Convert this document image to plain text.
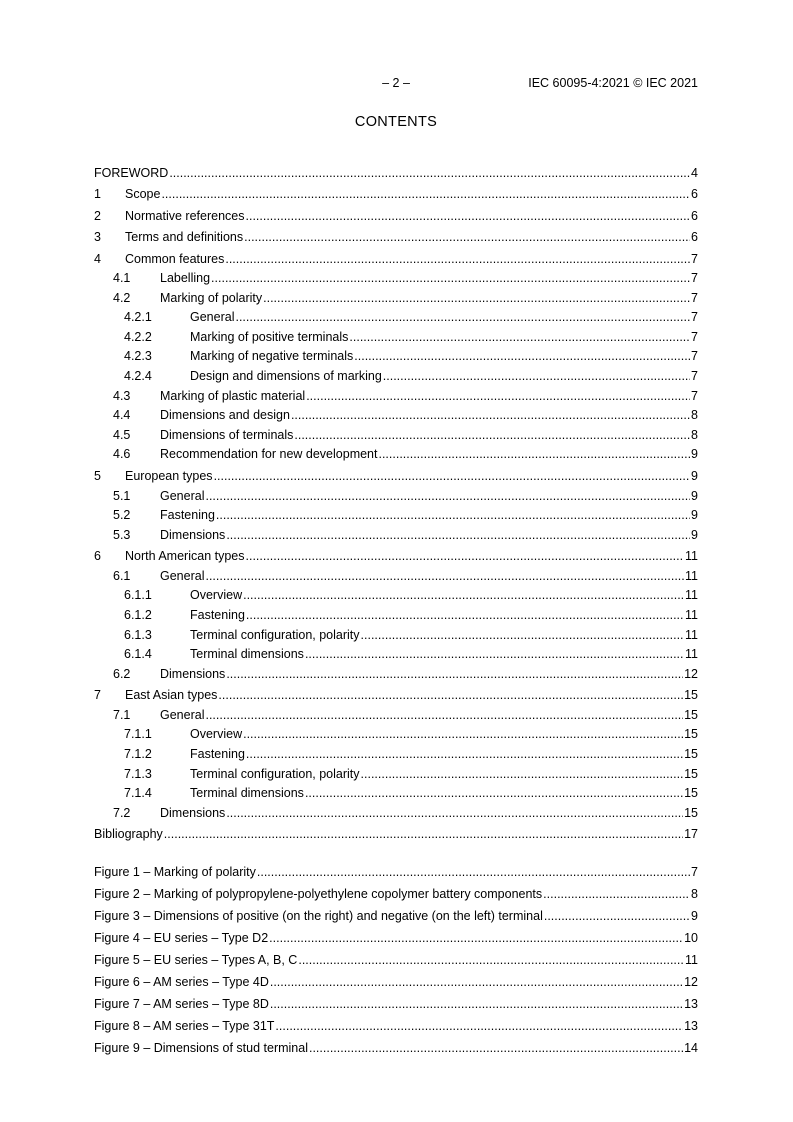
– 2 –	IEC 60095-4:2021 © IEC 2021
CONTENTS
FOREWORD .....	4
1	Scope .....	6
2	Normative references .....	6
3	Terms and definitions .....	6
4	Common features .....	7
4.1	Labelling .....	7
4.2	Marking of polarity .....	7
4.2.1	General .....	7
4.2.2	Marking of positive terminals .....	7
4.2.3	Marking of negative terminals .....	7
4.2.4	Design and dimensions of marking .....	7
4.3	Marking of plastic material .....	7
4.4	Dimensions and design .....	8
4.5	Dimensions of terminals .....	8
4.6	Recommendation for new development .....	9
5	European types .....	9
5.1	General .....	9
5.2	Fastening .....	9
5.3	Dimensions .....	9
6	North American types .....	11
6.1	General .....	11
6.1.1	Overview .....	11
6.1.2	Fastening .....	11
6.1.3	Terminal configuration, polarity .....	11
6.1.4	Terminal dimensions .....	11
6.2	Dimensions .....	12
7	East Asian types .....	15
7.1	General .....	15
7.1.1	Overview .....	15
7.1.2	Fastening .....	15
7.1.3	Terminal configuration, polarity .....	15
7.1.4	Terminal dimensions .....	15
7.2	Dimensions .....	15
Bibliography .....	17
Figure 1 – Marking of polarity .....	7
Figure 2 – Marking of polypropylene-polyethylene copolymer battery components .....	8
Figure 3 – Dimensions of positive (on the right) and negative (on the left) terminal .....	9
Figure 4 – EU series – Type D2 .....	10
Figure 5 – EU series – Types A, B, C .....	11
Figure 6 – AM series – Type 4D .....	12
Figure 7 – AM series – Type 8D .....	13
Figure 8 – AM series – Type 31T .....	13
Figure 9 – Dimensions of stud terminal .....	14
